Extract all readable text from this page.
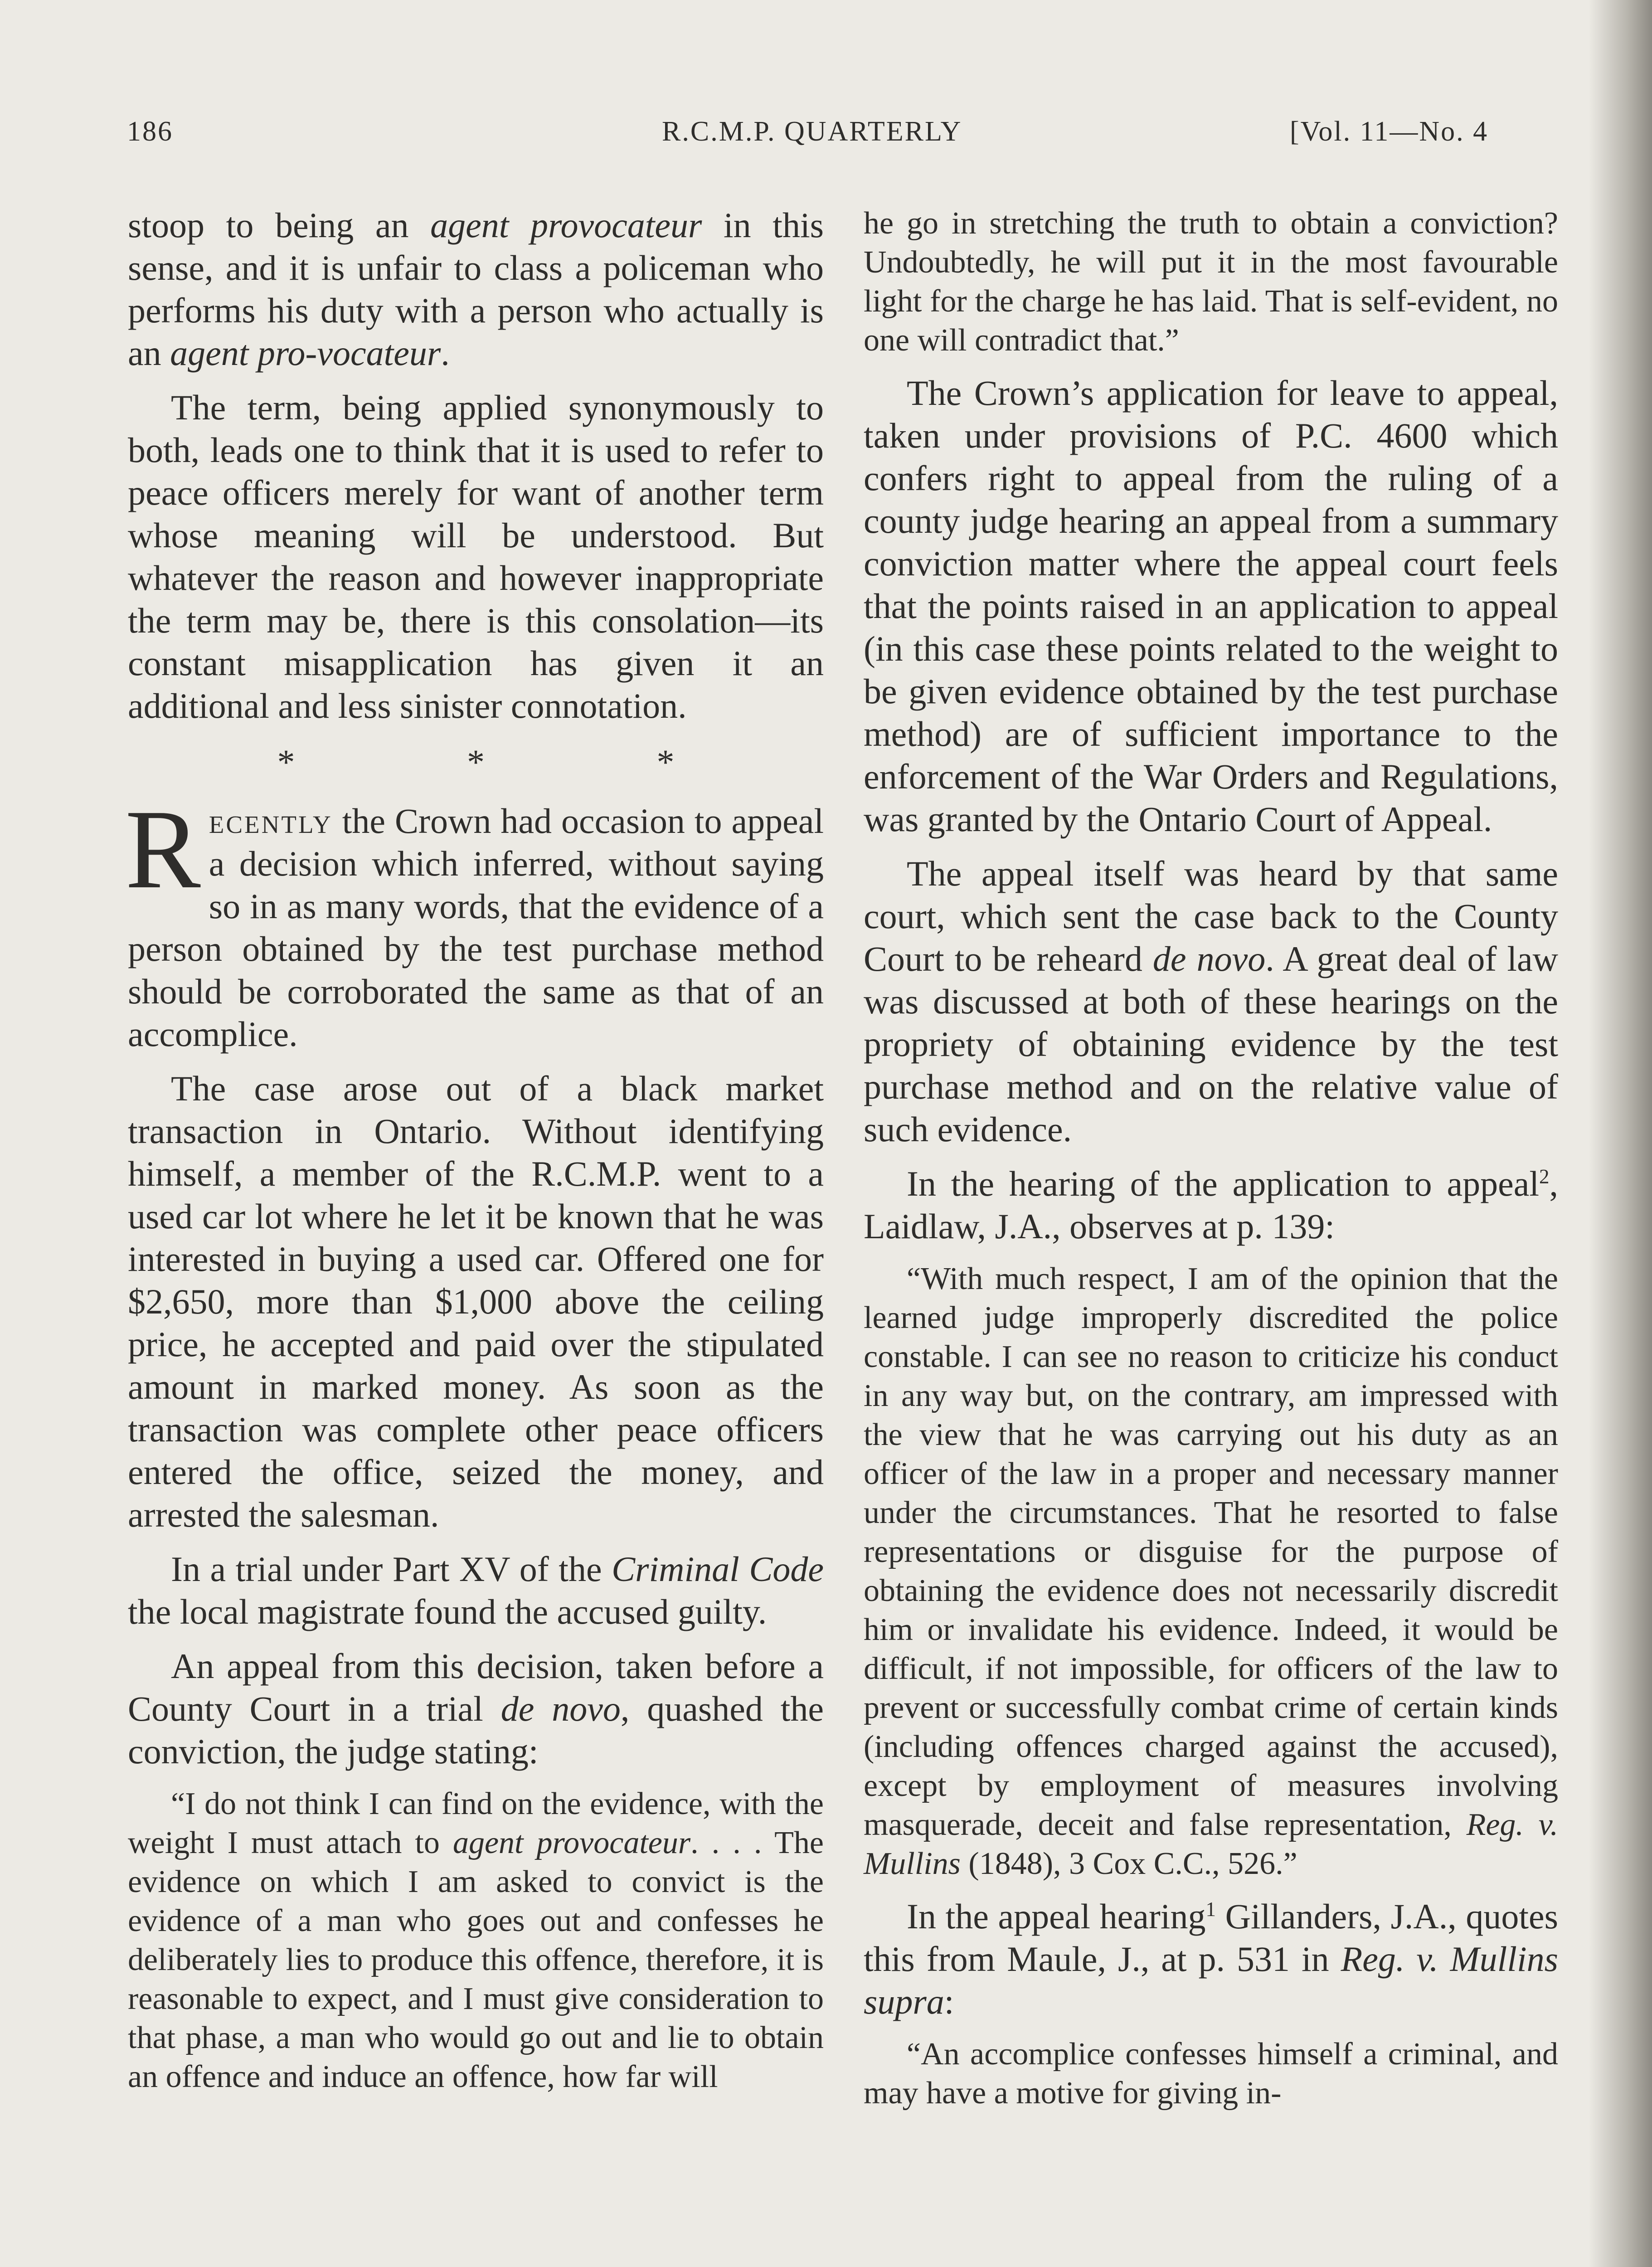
186	R.C.M.P. QUARTERLY	[Vol. 11—No. 4

stoop to being an agent provocateur in this sense, and it is unfair to class a policeman who performs his duty with a person who actually is an agent pro-vocateur.

The term, being applied synonymously to both, leads one to think that it is used to refer to peace officers merely for want of another term whose meaning will be understood. But whatever the reason and however inappropriate the term may be, there is this consolation—its constant misapplication has given it an additional and less sinister connotation.

* * *

Recently the Crown had occasion to appeal a decision which inferred, without saying so in as many words, that the evidence of a person obtained by the test purchase method should be corroborated the same as that of an accomplice.

The case arose out of a black market transaction in Ontario. Without identifying himself, a member of the R.C.M.P. went to a used car lot where he let it be known that he was interested in buying a used car. Offered one for $2,650, more than $1,000 above the ceiling price, he accepted and paid over the stipulated amount in marked money. As soon as the transaction was complete other peace officers entered the office, seized the money, and arrested the salesman.

In a trial under Part XV of the Criminal Code the local magistrate found the accused guilty.

An appeal from this decision, taken before a County Court in a trial de novo, quashed the conviction, the judge stating:

“I do not think I can find on the evidence, with the weight I must attach to agent provocateur. . . . The evidence on which I am asked to convict is the evidence of a man who goes out and confesses he deliberately lies to produce this offence, therefore, it is reasonable to expect, and I must give consideration to that phase, a man who would go out and lie to obtain an offence and induce an offence, how far will

he go in stretching the truth to obtain a conviction? Undoubtedly, he will put it in the most favourable light for the charge he has laid. That is self-evident, no one will contradict that.”

The Crown’s application for leave to appeal, taken under provisions of P.C. 4600 which confers right to appeal from the ruling of a county judge hearing an appeal from a summary conviction matter where the appeal court feels that the points raised in an application to appeal (in this case these points related to the weight to be given evidence obtained by the test purchase method) are of sufficient importance to the enforcement of the War Orders and Regulations, was granted by the Ontario Court of Appeal.

The appeal itself was heard by that same court, which sent the case back to the County Court to be reheard de novo. A great deal of law was discussed at both of these hearings on the propriety of obtaining evidence by the test purchase method and on the relative value of such evidence.

In the hearing of the application to appeal$^2$, Laidlaw, J.A., observes at p. 139:

“With much respect, I am of the opinion that the learned judge improperly discredited the police constable. I can see no reason to criticize his conduct in any way but, on the contrary, am impressed with the view that he was carrying out his duty as an officer of the law in a proper and necessary manner under the circumstances. That he resorted to false representations or disguise for the purpose of obtaining the evidence does not necessarily discredit him or invalidate his evidence. Indeed, it would be difficult, if not impossible, for officers of the law to prevent or successfully combat crime of certain kinds (including offences charged against the accused), except by employment of measures involving masquerade, deceit and false representation, Reg. v. Mullins (1848), 3 Cox C.C., 526.”

In the appeal hearing$^1$ Gillanders, J.A., quotes this from Maule, J., at p. 531 in Reg. v. Mullins supra:

“An accomplice confesses himself a criminal, and may have a motive for giving in-
